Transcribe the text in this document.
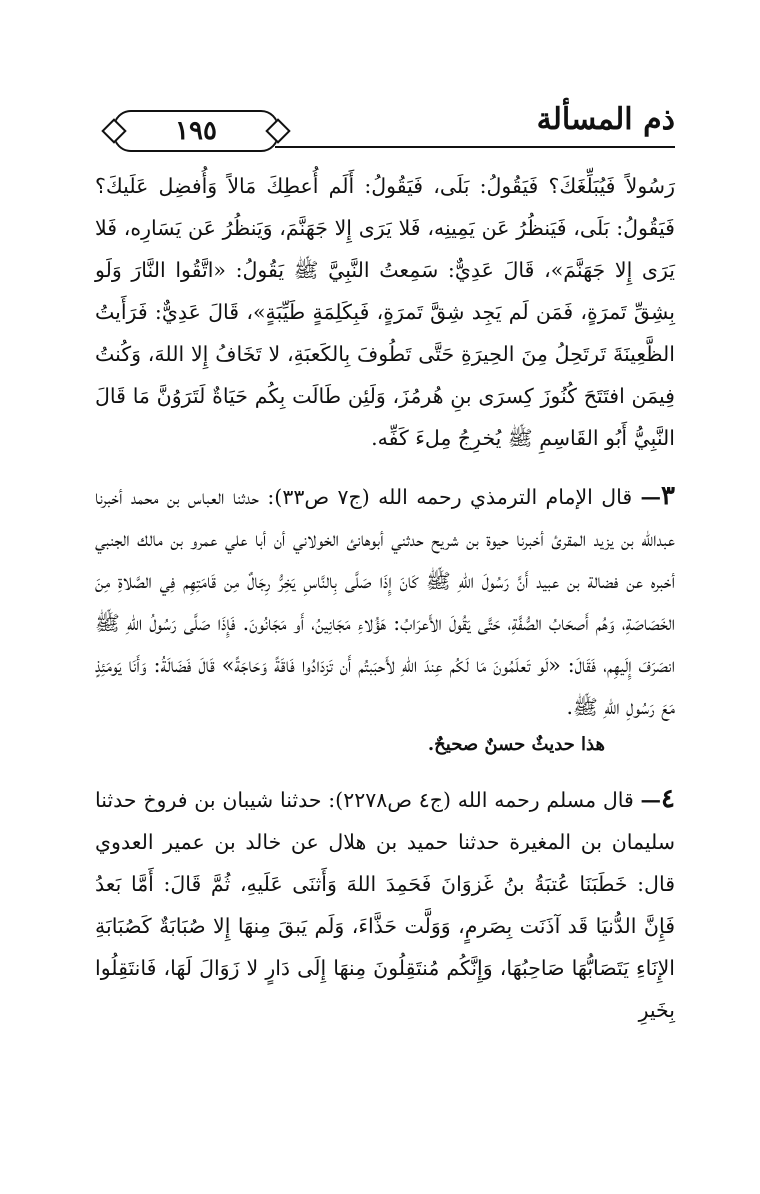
١٩٥	ذم المسألة

رَسُولاً فَيُبَلِّغَكَ؟ فَيَقُولُ: بَلَى، فَيَقُولُ: أَلَم أُعطِكَ مَالاً وَأُفضِل عَلَيكَ؟ فَيَقُولُ: بَلَى، فَيَنظُرُ عَن يَمِينِه، فَلا يَرَى إِلا جَهَنَّمَ، وَيَنظُرُ عَن يَسَارِه، فَلا يَرَى إِلا جَهَنَّمَ»، قَالَ عَدِيٌّ: سَمِعتُ النَّبِيَّ ﷺ يَقُولُ: «اتَّقُوا النَّارَ وَلَو بِشِقِّ تَمرَةٍ، فَمَن لَم يَجِد شِقَّ تَمرَةٍ، فَبِكَلِمَةٍ طَيِّبَةٍ»، قَالَ عَدِيٌّ: فَرَأَيتُ الظَّعِينَةَ تَرتَحِلُ مِنَ الحِيرَةِ حَتَّى تَطُوفَ بِالكَعبَةِ، لا تَخَافُ إِلا اللهَ، وَكُنتُ فِيمَن افتَتَحَ كُنُوزَ كِسرَى بنِ هُرمُزَ، وَلَئِن طَالَت بِكُم حَيَاةٌ لَتَرَوُنَّ مَا قَالَ النَّبِيُّ أَبُو القَاسِمِ ﷺ يُخرِجُ مِلءَ كَفِّه.

٣— قال الإمام الترمذي رحمه الله (ج٧ ص٣٣): حدثنا العباس بن محمد أخبرنا عبدالله بن يزيد المقرئ أخبرنا حيوة بن شريح حدثني أبوهانئ الخولاني أن أبا علي عمرو بن مالك الجنبي أخبره عن فضالة بن عبيد أَنَّ رَسُولَ اللهِ ﷺ كَانَ إِذَا صَلَّى بِالنَّاسِ يَخِرُّ رِجَالٌ مِن قَامَتِهِم فِي الصَّلاةِ مِنَ الخَصَاصَةِ، وَهُم أَصحَابُ الصُّفَّةِ، حَتَّى يَقُولَ الأَعرَابُ: هَؤُلاءِ مَجَانِينُ، أَو مَجَانُونَ. فَإِذَا صَلَّى رَسُولُ اللهِ ﷺ انصَرَفَ إِلَيهِم، فَقَالَ: «لَو تَعلَمُونَ مَا لَكُم عِندَ اللهِ لأَحبَبتُم أَن تَزدَادُوا فَاقَةً وَحَاجَةً» قَالَ فَضَالَةُ: وَأَنَا يَومَئِذٍ مَعَ رَسُولِ اللهِ ﷺ.

هذا حديثٌ حسنٌ صحيحٌ.

٤— قال مسلم رحمه الله (ج٤ ص٢٢٧٨): حدثنا شيبان بن فروخ حدثنا سليمان بن المغيرة حدثنا حميد بن هلال عن خالد بن عمير العدوي قال: خَطَبَنَا عُتبَةُ بنُ غَزوَانَ فَحَمِدَ اللهَ وَأَثنَى عَلَيهِ، ثُمَّ قَالَ: أَمَّا بَعدُ فَإِنَّ الدُّنيَا قَد آذَنَت بِصَرمٍ، وَوَلَّت حَذَّاءَ، وَلَم يَبقَ مِنهَا إِلا صُبَابَةٌ كَصُبَابَةِ الإِنَاءِ يَتَصَابُّهَا صَاحِبُهَا، وَإِنَّكُم مُنتَقِلُونَ مِنهَا إِلَى دَارٍ لا زَوَالَ لَهَا، فَانتَقِلُوا بِخَيرِ
